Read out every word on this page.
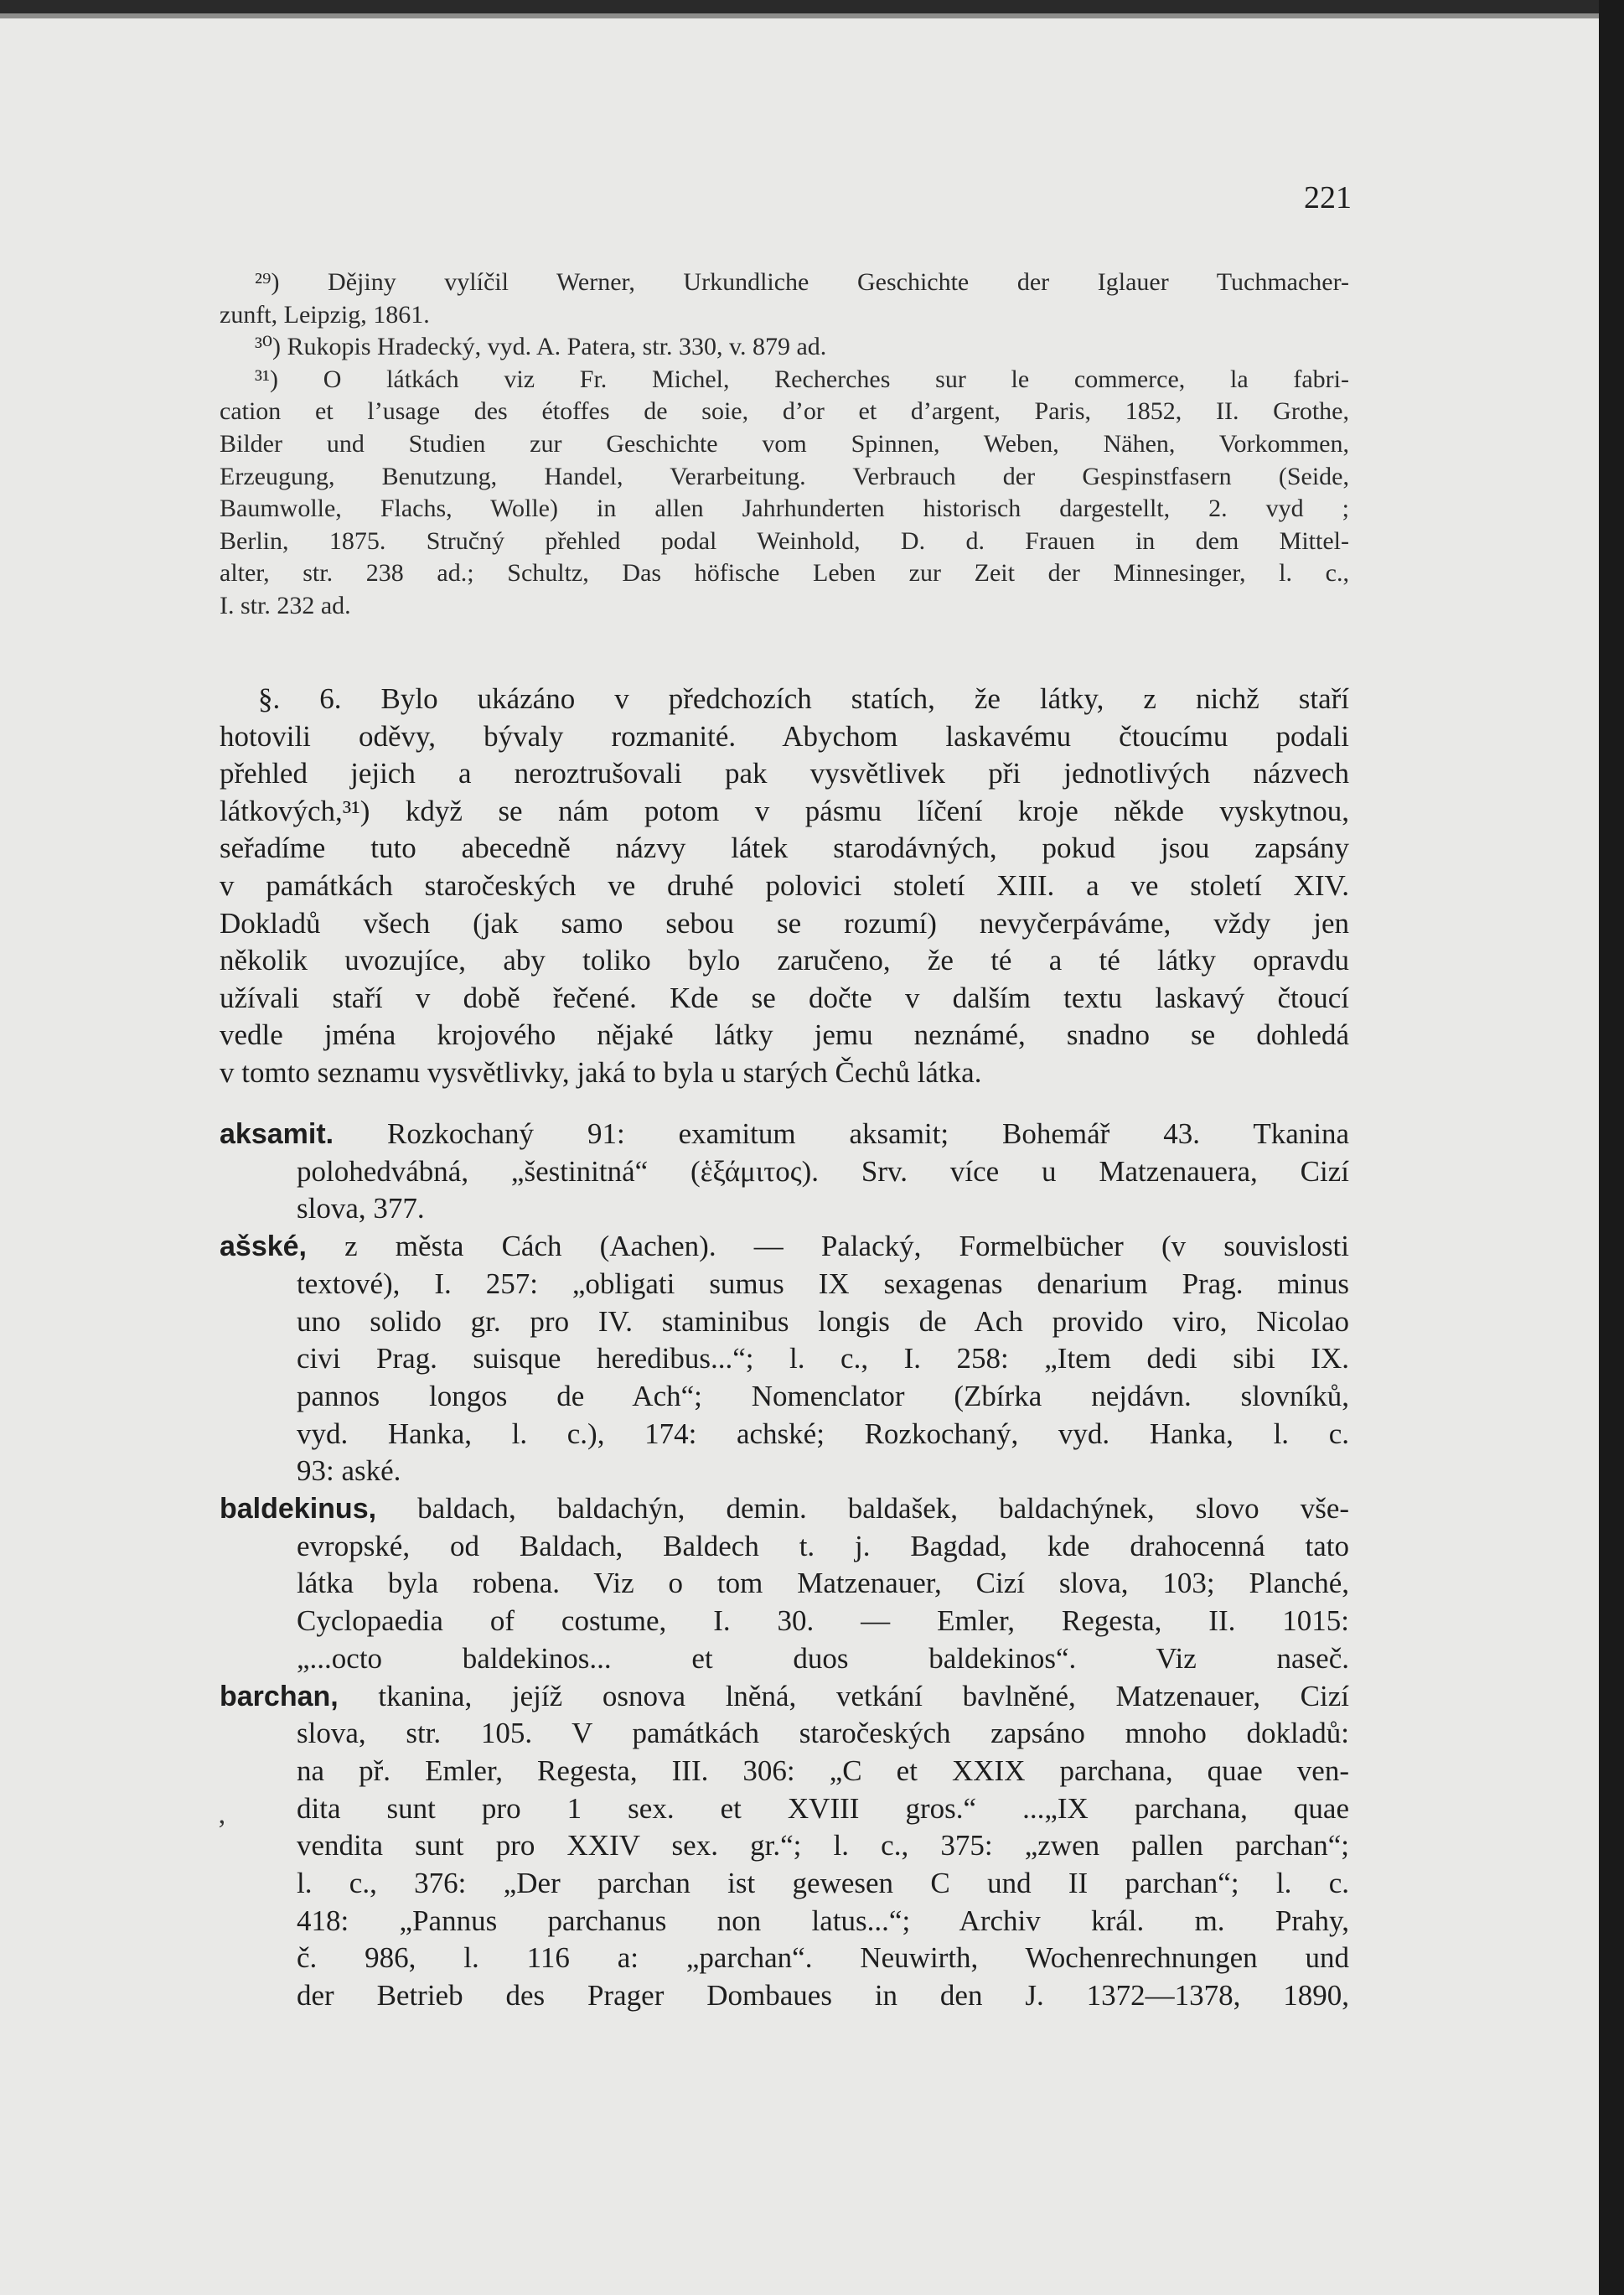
221
²⁹) Dějiny vylíčil Werner, Urkundliche Geschichte der Iglauer Tuchmacher-
zunft, Leipzig, 1861.
³⁰) Rukopis Hradecký, vyd. A. Patera, str. 330, v. 879 ad.
³¹) O látkách viz Fr. Michel, Recherches sur le commerce, la fabri-
cation et l’usage des étoffes de soie, d’or et d’argent, Paris, 1852, II. Grothe,
Bilder und Studien zur Geschichte vom Spinnen, Weben, Nähen, Vorkommen,
Erzeugung, Benutzung, Handel, Verarbeitung. Verbrauch der Gespinstfasern (Seide,
Baumwolle, Flachs, Wolle) in allen Jahrhunderten historisch dargestellt, 2. vyd ;
Berlin, 1875. Stručný přehled podal Weinhold, D. d. Frauen in dem Mittel-
alter, str. 238 ad.; Schultz, Das höfische Leben zur Zeit der Minnesinger, l. c.,
I. str. 232 ad.
§. 6. Bylo ukázáno v předchozích statích, že látky, z nichž staří
hotovili oděvy, bývaly rozmanité. Abychom laskavému čtoucímu podali
přehled jejich a neroztrušovali pak vysvětlivek při jednotlivých názvech
látkových,³¹) když se nám potom v pásmu líčení kroje někde vyskytnou,
seřadíme tuto abecedně názvy látek starodávných, pokud jsou zapsány
v památkách staročeských ve druhé polovici století XIII. a ve století XIV.
Dokladů všech (jak samo sebou se rozumí) nevyčerpáváme, vždy jen
několik uvozujíce, aby toliko bylo zaručeno, že té a té látky opravdu
užívali staří v době řečené. Kde se dočte v dalším textu laskavý čtoucí
vedle jména krojového nějaké látky jemu neznámé, snadno se dohledá
v tomto seznamu vysvětlivky, jaká to byla u starých Čechů látka.
aksamit. Rozkochaný 91: examitum aksamit; Bohemář 43. Tkanina
polohedvábná, „šestinitná“ (ἑξάμιτος). Srv. více u Matzenauera, Cizí
slova, 377.
ašské, z města Cách (Aachen). — Palacký, Formelbücher (v souvislosti
textové), I. 257: „obligati sumus IX sexagenas denarium Prag. minus
uno solido gr. pro IV. staminibus longis de Ach provido viro, Nicolao
civi Prag. suisque heredibus...“; l. c., I. 258: „Item dedi sibi IX.
pannos longos de Ach“; Nomenclator (Zbírka nejdávn. slovníků,
vyd. Hanka, l. c.), 174: achské; Rozkochaný, vyd. Hanka, l. c.
93: aské.
baldekinus, baldach, baldachýn, demin. baldašek, baldachýnek, slovo vše-
evropské, od Baldach, Baldech t. j. Bagdad, kde drahocenná tato
látka byla robena. Viz o tom Matzenauer, Cizí slova, 103; Planché,
Cyclopaedia of costume, I. 30. — Emler, Regesta, II. 1015:
„...octo baldekinos... et duos baldekinos“. Viz naseč.
barchan, tkanina, jejíž osnova lněná, vetkání bavlněné, Matzenauer, Cizí
slova, str. 105. V památkách staročeských zapsáno mnoho dokladů:
na př. Emler, Regesta, III. 306: „C et XXIX parchana, quae ven-
dita sunt pro 1 sex. et XVIII gros.“ ...„IX parchana, quae
vendita sunt pro XXIV sex. gr.“; l. c., 375: „zwen pallen parchan“;
l. c., 376: „Der parchan ist gewesen C und II parchan“; l. c.
418: „Pannus parchanus non latus...“; Archiv král. m. Prahy,
č. 986, l. 116 a: „parchan“. Neuwirth, Wochenrechnungen und
der Betrieb des Prager Dombaues in den J. 1372—1378, 1890,
‚
